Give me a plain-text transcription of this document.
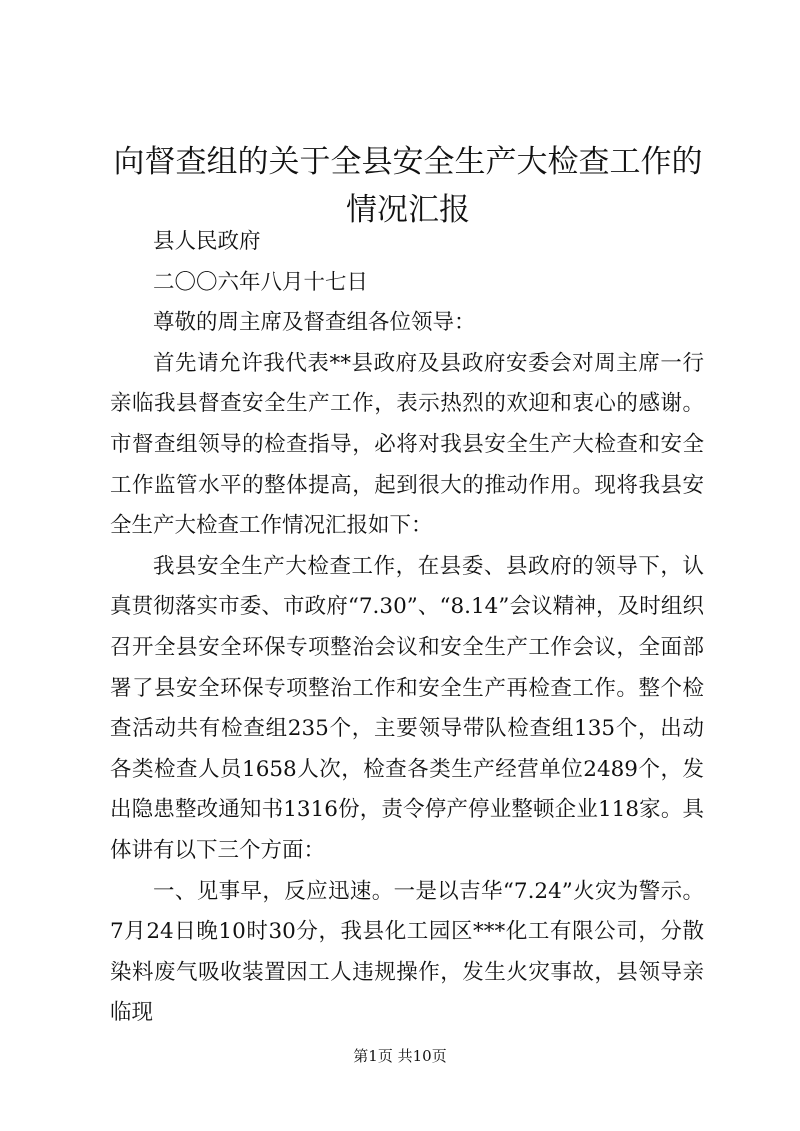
向督查组的关于全县安全生产大检查工作的情况汇报

县人民政府

二〇〇六年八月十七日

尊敬的周主席及督查组各位领导：

首先请允许我代表**县政府及县政府安委会对周主席一行亲临我县督查安全生产工作，表示热烈的欢迎和衷心的感谢。市督查组领导的检查指导，必将对我县安全生产大检查和安全工作监管水平的整体提高，起到很大的推动作用。现将我县安全生产大检查工作情况汇报如下：

我县安全生产大检查工作，在县委、县政府的领导下，认真贯彻落实市委、市政府“7.30”、“8.14”会议精神，及时组织召开全县安全环保专项整治会议和安全生产工作会议，全面部署了县安全环保专项整治工作和安全生产再检查工作。整个检查活动共有检查组235个，主要领导带队检查组135个，出动各类检查人员1658人次，检查各类生产经营单位2489个，发出隐患整改通知书1316份，责令停产停业整顿企业118家。具体讲有以下三个方面：

一、见事早，反应迅速。一是以吉华“7.24”火灾为警示。7月24日晚10时30分，我县化工园区***化工有限公司，分散染料废气吸收装置因工人违规操作，发生火灾事故，县领导亲临现

第1页 共10页
